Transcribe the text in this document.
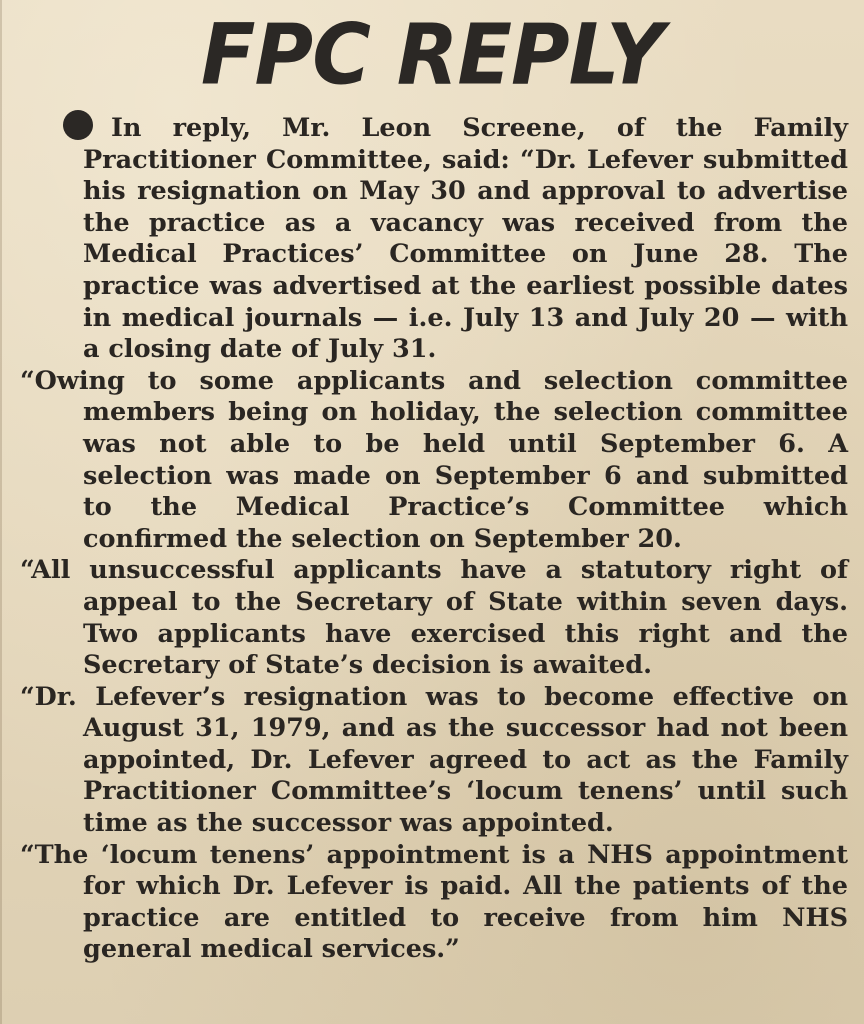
FPC REPLY

In reply, Mr. Leon Screene, of the Family Practitioner Committee, said: “Dr. Lefever submitted his resignation on May 30 and approval to advertise the practice as a vacancy was received from the Medical Practices’ Committee on June 28. The practice was advertised at the earliest possible dates in medical journals — i.e. July 13 and July 20 — with a closing date of July 31.

“Owing to some applicants and selection committee members being on holiday, the selection committee was not able to be held until September 6. A selection was made on September 6 and submitted to the Medical Practice’s Committee which confirmed the selection on September 20.

“All unsuccessful applicants have a statutory right of appeal to the Secretary of State within seven days. Two applicants have exercised this right and the Secretary of State’s decision is awaited.

“Dr. Lefever’s resignation was to become effective on August 31, 1979, and as the successor had not been appointed, Dr. Lefever agreed to act as the Family Practitioner Committee’s ‘locum tenens’ until such time as the successor was appointed.

“The ‘locum tenens’ appointment is a NHS appointment for which Dr. Lefever is paid. All the patients of the practice are entitled to receive from him NHS general medical services.”
